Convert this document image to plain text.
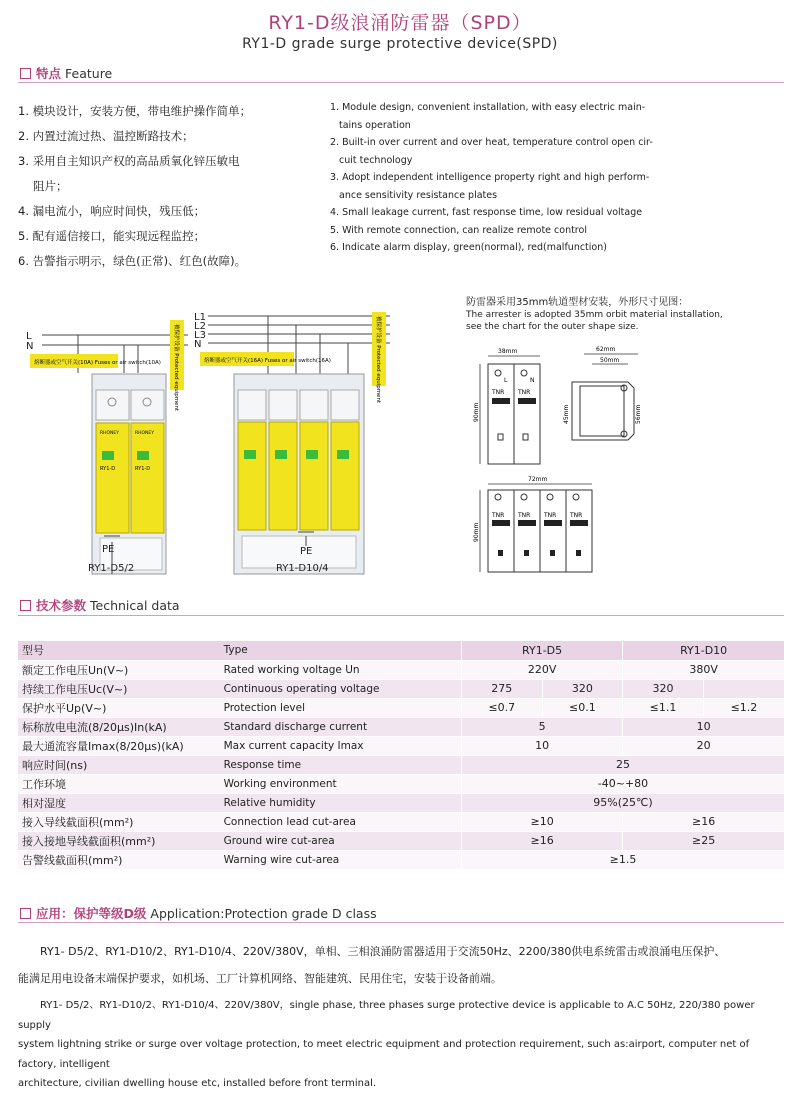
RY1-D级浪涌防雷器（SPD）
RY1-D grade surge protective device(SPD)
特点 Feature
1. 模块设计，安装方便，带电维护操作简单；
2. 内置过流过热、温控断路技术；
3. 采用自主知识产权的高品质氧化锌压敏电
阻片；
4. 漏电流小，响应时间快，残压低；
5. 配有遥信接口，能实现远程监控；
6. 告警指示明示，绿色(正常)、红色(故障)。
1. Module design, convenient installation, with easy electric main-
tains operation
2. Built-in over current and over heat, temperature control open cir-
cuit technology
3. Adopt independent intelligence property right and high perform-
ance sensitivity resistance plates
4. Small leakage current, fast response time, low residual voltage
5. With remote connection, can realize remote control
6. Indicate alarm display, green(normal), red(malfunction)
L
N
熔断器或空气开关(10A) Fuses or air switch(10A) 被保护设备 Protected equipment
RHONEY	RHONEY
RY1-D	RY1-D
PE
RY1-D5/2
L1
L2
L3
N
熔断器或空气开关(16A) Fuses or air switch(16A)	被保护设备 Protected equipment
PE
RY1-D10/4
防雷器采用35mm轨道型材安装，外形尺寸见图：
The arrester is adopted 35mm orbit material installation,
see the chart for the outer shape size.
38mm
L	N
TNR TNR
90mm
62mm
50mm
45mm	56mm
72mm
TNR TNR TNR TNR
90mm
技术参数 Technical data
型号	Type	RY1-D5		RY1-D10	
额定工作电压Un(V~)	Rated working voltage Un	220V		380V	
持续工作电压Uc(V~)	Continuous operating voltage	275	320	320	
保护水平Up(V~)	Protection level	≤0.7	≤0.1	≤1.1	≤1.2
标称放电电流(8/20μs)In(kA)	Standard discharge current	5		10	
最大通流容量Imax(8/20μs)(kA)	Max current capacity Imax	10		20	
响应时间(ns)	Response time	25			
工作环境	Working environment	-40~+80			
相对湿度	Relative humidity	95%(25℃)			
接入导线截面积(mm²)	Connection lead cut-area	≥10		≥16	
接入接地导线截面积(mm²)	Ground wire cut-area	≥16		≥25	
告警线截面积(mm²)	Warning wire cut-area	≥1.5			
应用：保护等级D级 Application:Protection grade D class
RY1- D5/2、RY1-D10/2、RY1-D10/4、220V/380V，单相、三相浪涌防雷器适用于交流50Hz、2200/380供电系统雷击或浪涌电压保护、
能满足用电设备末端保护要求，如机场、工厂计算机网络、智能建筑、民用住宅，安装于设备前端。
RY1- D5/2、RY1-D10/2、RY1-D10/4、220V/380V，single phase, three phases surge protective device is applicable to A.C 50Hz, 220/380 power supply
system lightning strike or surge over voltage protection, to meet electric equipment and protection requirement, such as:airport, computer net of factory, intelligent
architecture, civilian dwelling house etc, installed before front terminal.
